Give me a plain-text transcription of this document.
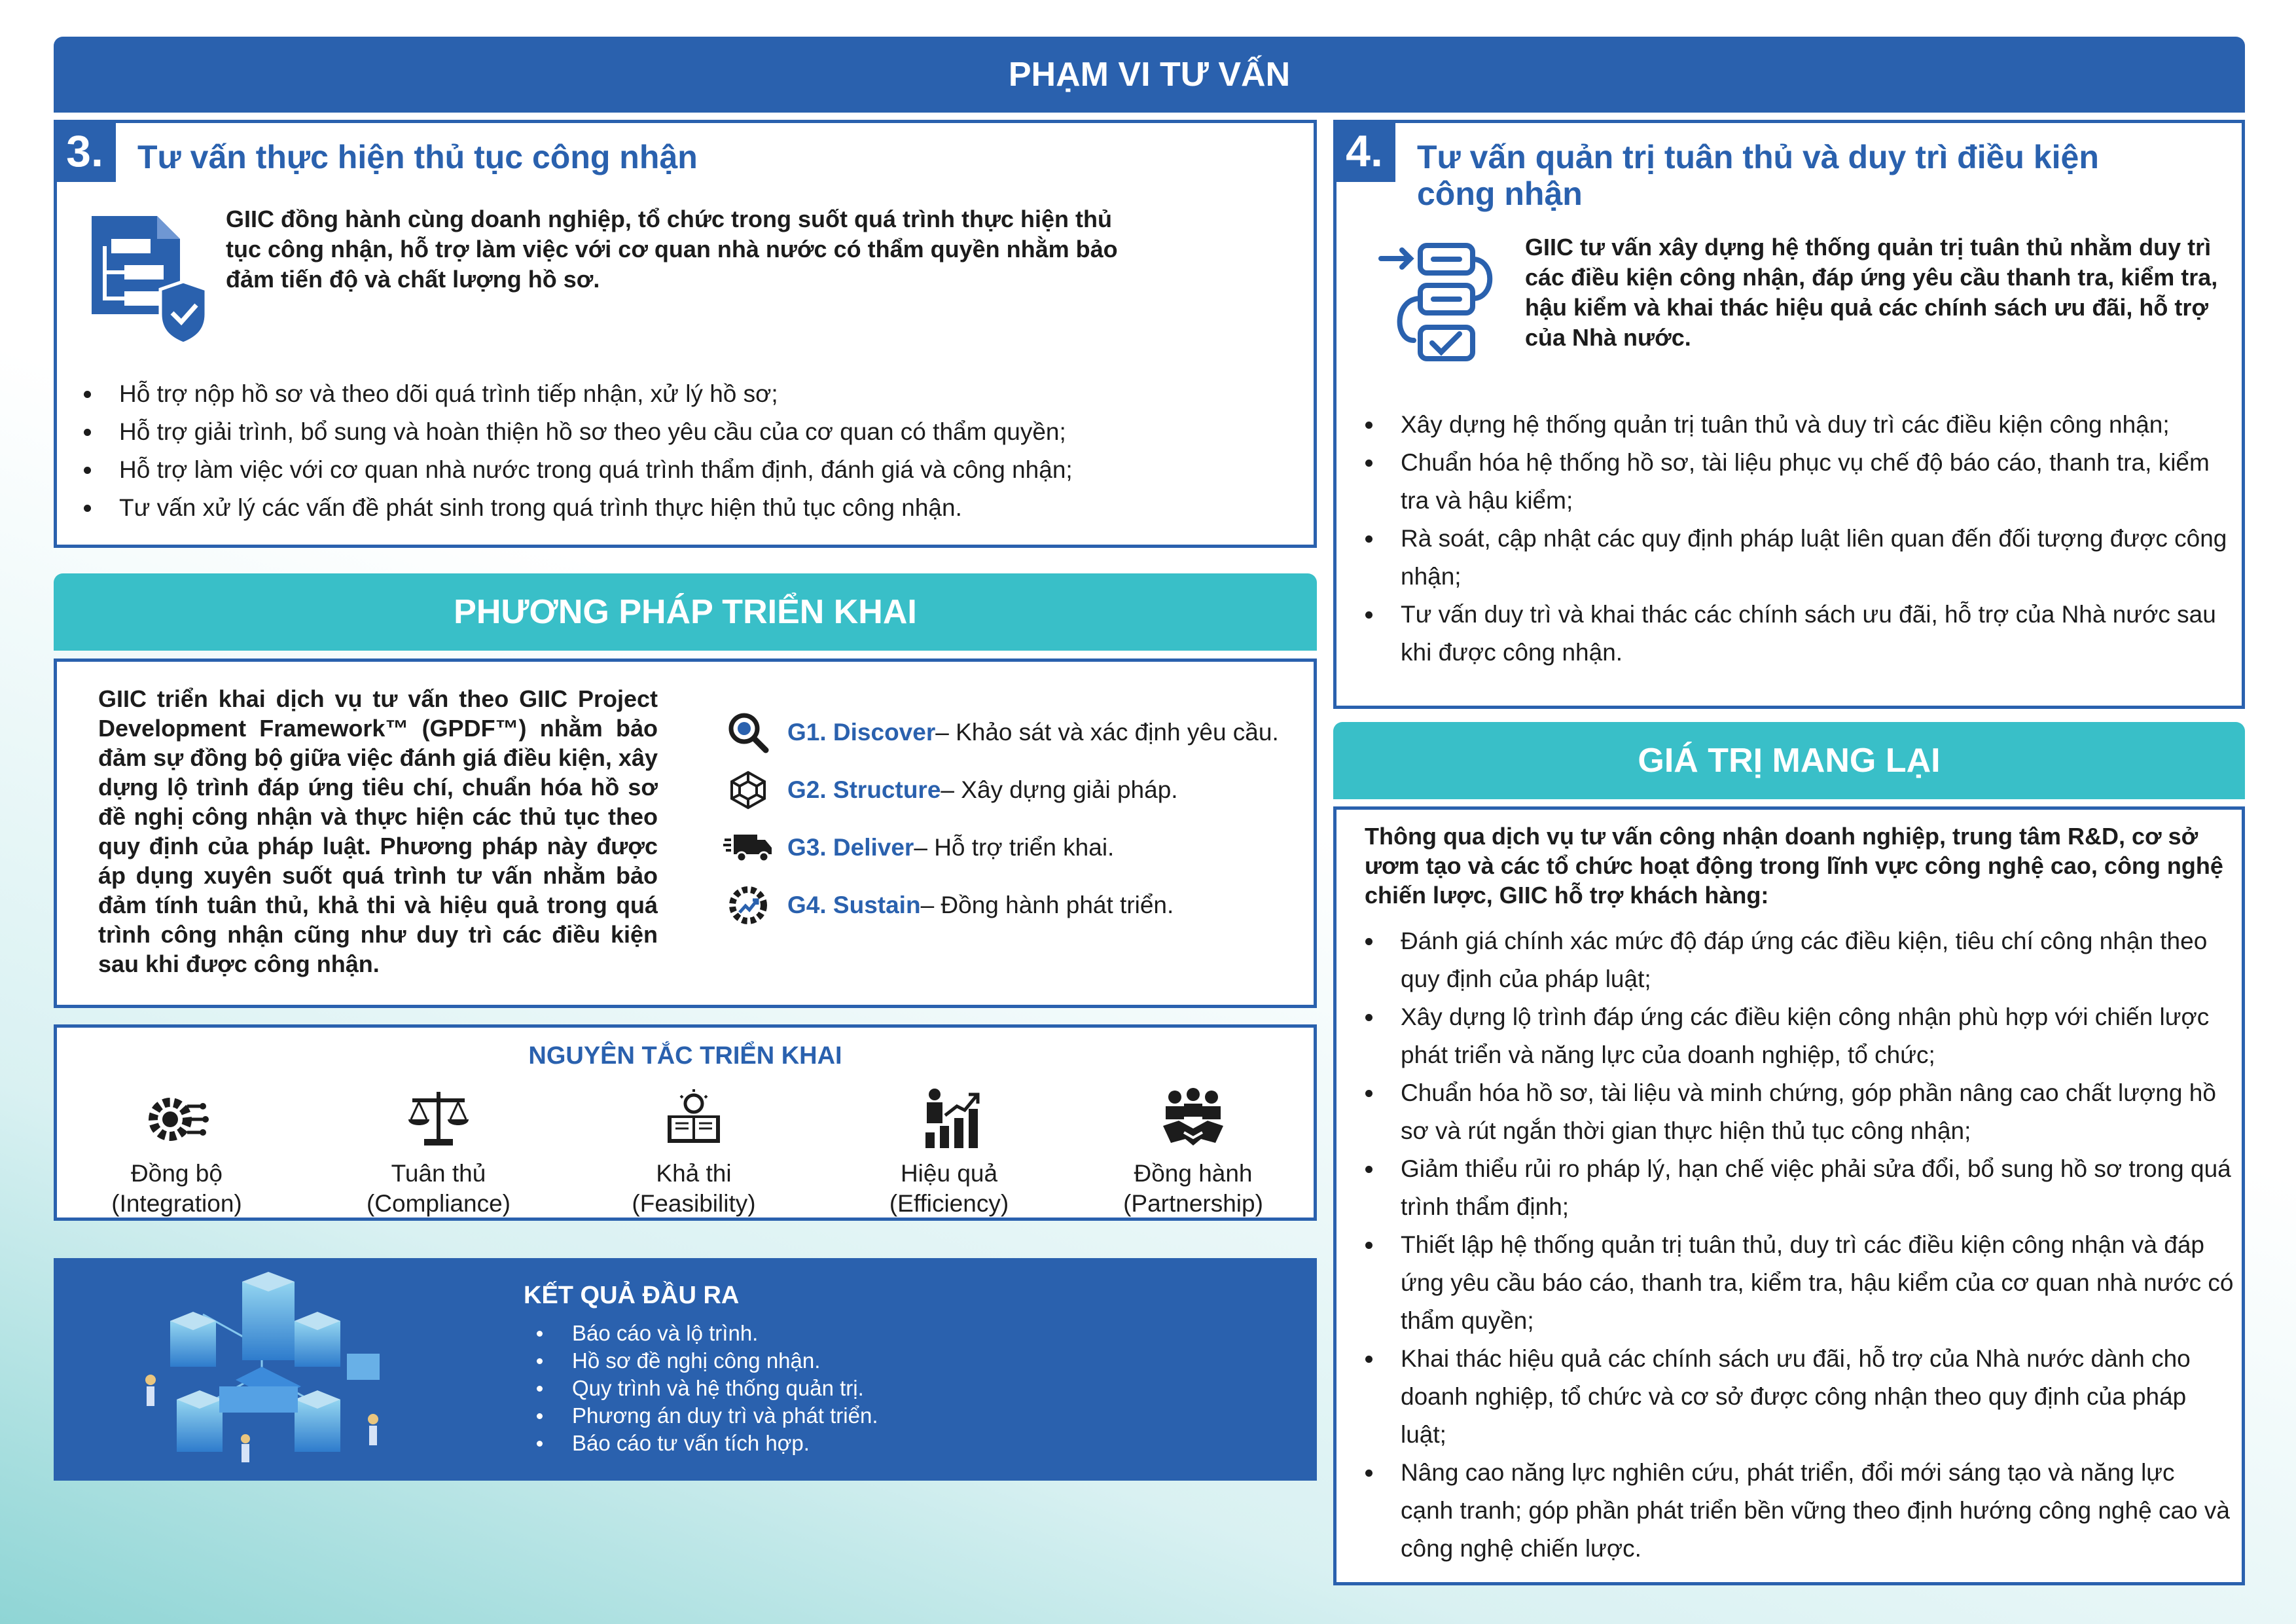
PHẠM VI TƯ VẤN
3. Tư vấn thực hiện thủ tục công nhận
GIIC đồng hành cùng doanh nghiệp, tổ chức trong suốt quá trình thực hiện thủ tục công nhận, hỗ trợ làm việc với cơ quan nhà nước có thẩm quyền nhằm bảo đảm tiến độ và chất lượng hồ sơ.
Hỗ trợ nộp hồ sơ và theo dõi quá trình tiếp nhận, xử lý hồ sơ;
Hỗ trợ giải trình, bổ sung và hoàn thiện hồ sơ theo yêu cầu của cơ quan có thẩm quyền;
Hỗ trợ làm việc với cơ quan nhà nước trong quá trình thẩm định, đánh giá và công nhận;
Tư vấn xử lý các vấn đề phát sinh trong quá trình thực hiện thủ tục công nhận.
4. Tư vấn quản trị tuân thủ và duy trì điều kiện
công nhận
GIIC tư vấn xây dựng hệ thống quản trị tuân thủ nhằm duy trì các điều kiện công nhận, đáp ứng yêu cầu thanh tra, kiểm tra, hậu kiểm và khai thác hiệu quả các chính sách ưu đãi, hỗ trợ của Nhà nước.
Xây dựng hệ thống quản trị tuân thủ và duy trì các điều kiện công nhận;
Chuẩn hóa hệ thống hồ sơ, tài liệu phục vụ chế độ báo cáo, thanh tra, kiểm tra và hậu kiểm;
Rà soát, cập nhật các quy định pháp luật liên quan đến đối tượng được công nhận;
Tư vấn duy trì và khai thác các chính sách ưu đãi, hỗ trợ của Nhà nước sau khi được công nhận.
PHƯƠNG PHÁP TRIỂN KHAI
GIIC triển khai dịch vụ tư vấn theo GIIC Project Development Framework™ (GPDF™) nhằm bảo đảm sự đồng bộ giữa việc đánh giá điều kiện, xây dựng lộ trình đáp ứng tiêu chí, chuẩn hóa hồ sơ đề nghị công nhận và thực hiện các thủ tục theo quy định của pháp luật. Phương pháp này được áp dụng xuyên suốt quá trình tư vấn nhằm bảo đảm tính tuân thủ, khả thi và hiệu quả trong quá trình công nhận cũng như duy trì các điều kiện sau khi được công nhận.
G1. Discover – Khảo sát và xác định yêu cầu.
G2. Structure – Xây dựng giải pháp.
G3. Deliver – Hỗ trợ triển khai.
G4. Sustain – Đồng hành phát triển.
NGUYÊN TẮC TRIỂN KHAI
Đồng bộ
(Integration)
Tuân thủ
(Compliance)
Khả thi
(Feasibility)
Hiệu quả
(Efficiency)
Đồng hành
(Partnership)
KẾT QUẢ ĐẦU RA
Báo cáo và lộ trình.
Hồ sơ đề nghị công nhận.
Quy trình và hệ thống quản trị.
Phương án duy trì và phát triển.
Báo cáo tư vấn tích hợp.
GIÁ TRỊ MANG LẠI
Thông qua dịch vụ tư vấn công nhận doanh nghiệp, trung tâm R&D, cơ sở ươm tạo và các tổ chức hoạt động trong lĩnh vực công nghệ cao, công nghệ chiến lược, GIIC hỗ trợ khách hàng:
Đánh giá chính xác mức độ đáp ứng các điều kiện, tiêu chí công nhận theo quy định của pháp luật;
Xây dựng lộ trình đáp ứng các điều kiện công nhận phù hợp với chiến lược phát triển và năng lực của doanh nghiệp, tổ chức;
Chuẩn hóa hồ sơ, tài liệu và minh chứng, góp phần nâng cao chất lượng hồ sơ và rút ngắn thời gian thực hiện thủ tục công nhận;
Giảm thiểu rủi ro pháp lý, hạn chế việc phải sửa đổi, bổ sung hồ sơ trong quá trình thẩm định;
Thiết lập hệ thống quản trị tuân thủ, duy trì các điều kiện công nhận và đáp ứng yêu cầu báo cáo, thanh tra, kiểm tra, hậu kiểm của cơ quan nhà nước có thẩm quyền;
Khai thác hiệu quả các chính sách ưu đãi, hỗ trợ của Nhà nước dành cho doanh nghiệp, tổ chức và cơ sở được công nhận theo quy định của pháp luật;
Nâng cao năng lực nghiên cứu, phát triển, đổi mới sáng tạo và năng lực cạnh tranh; góp phần phát triển bền vững theo định hướng công nghệ cao và công nghệ chiến lược.
